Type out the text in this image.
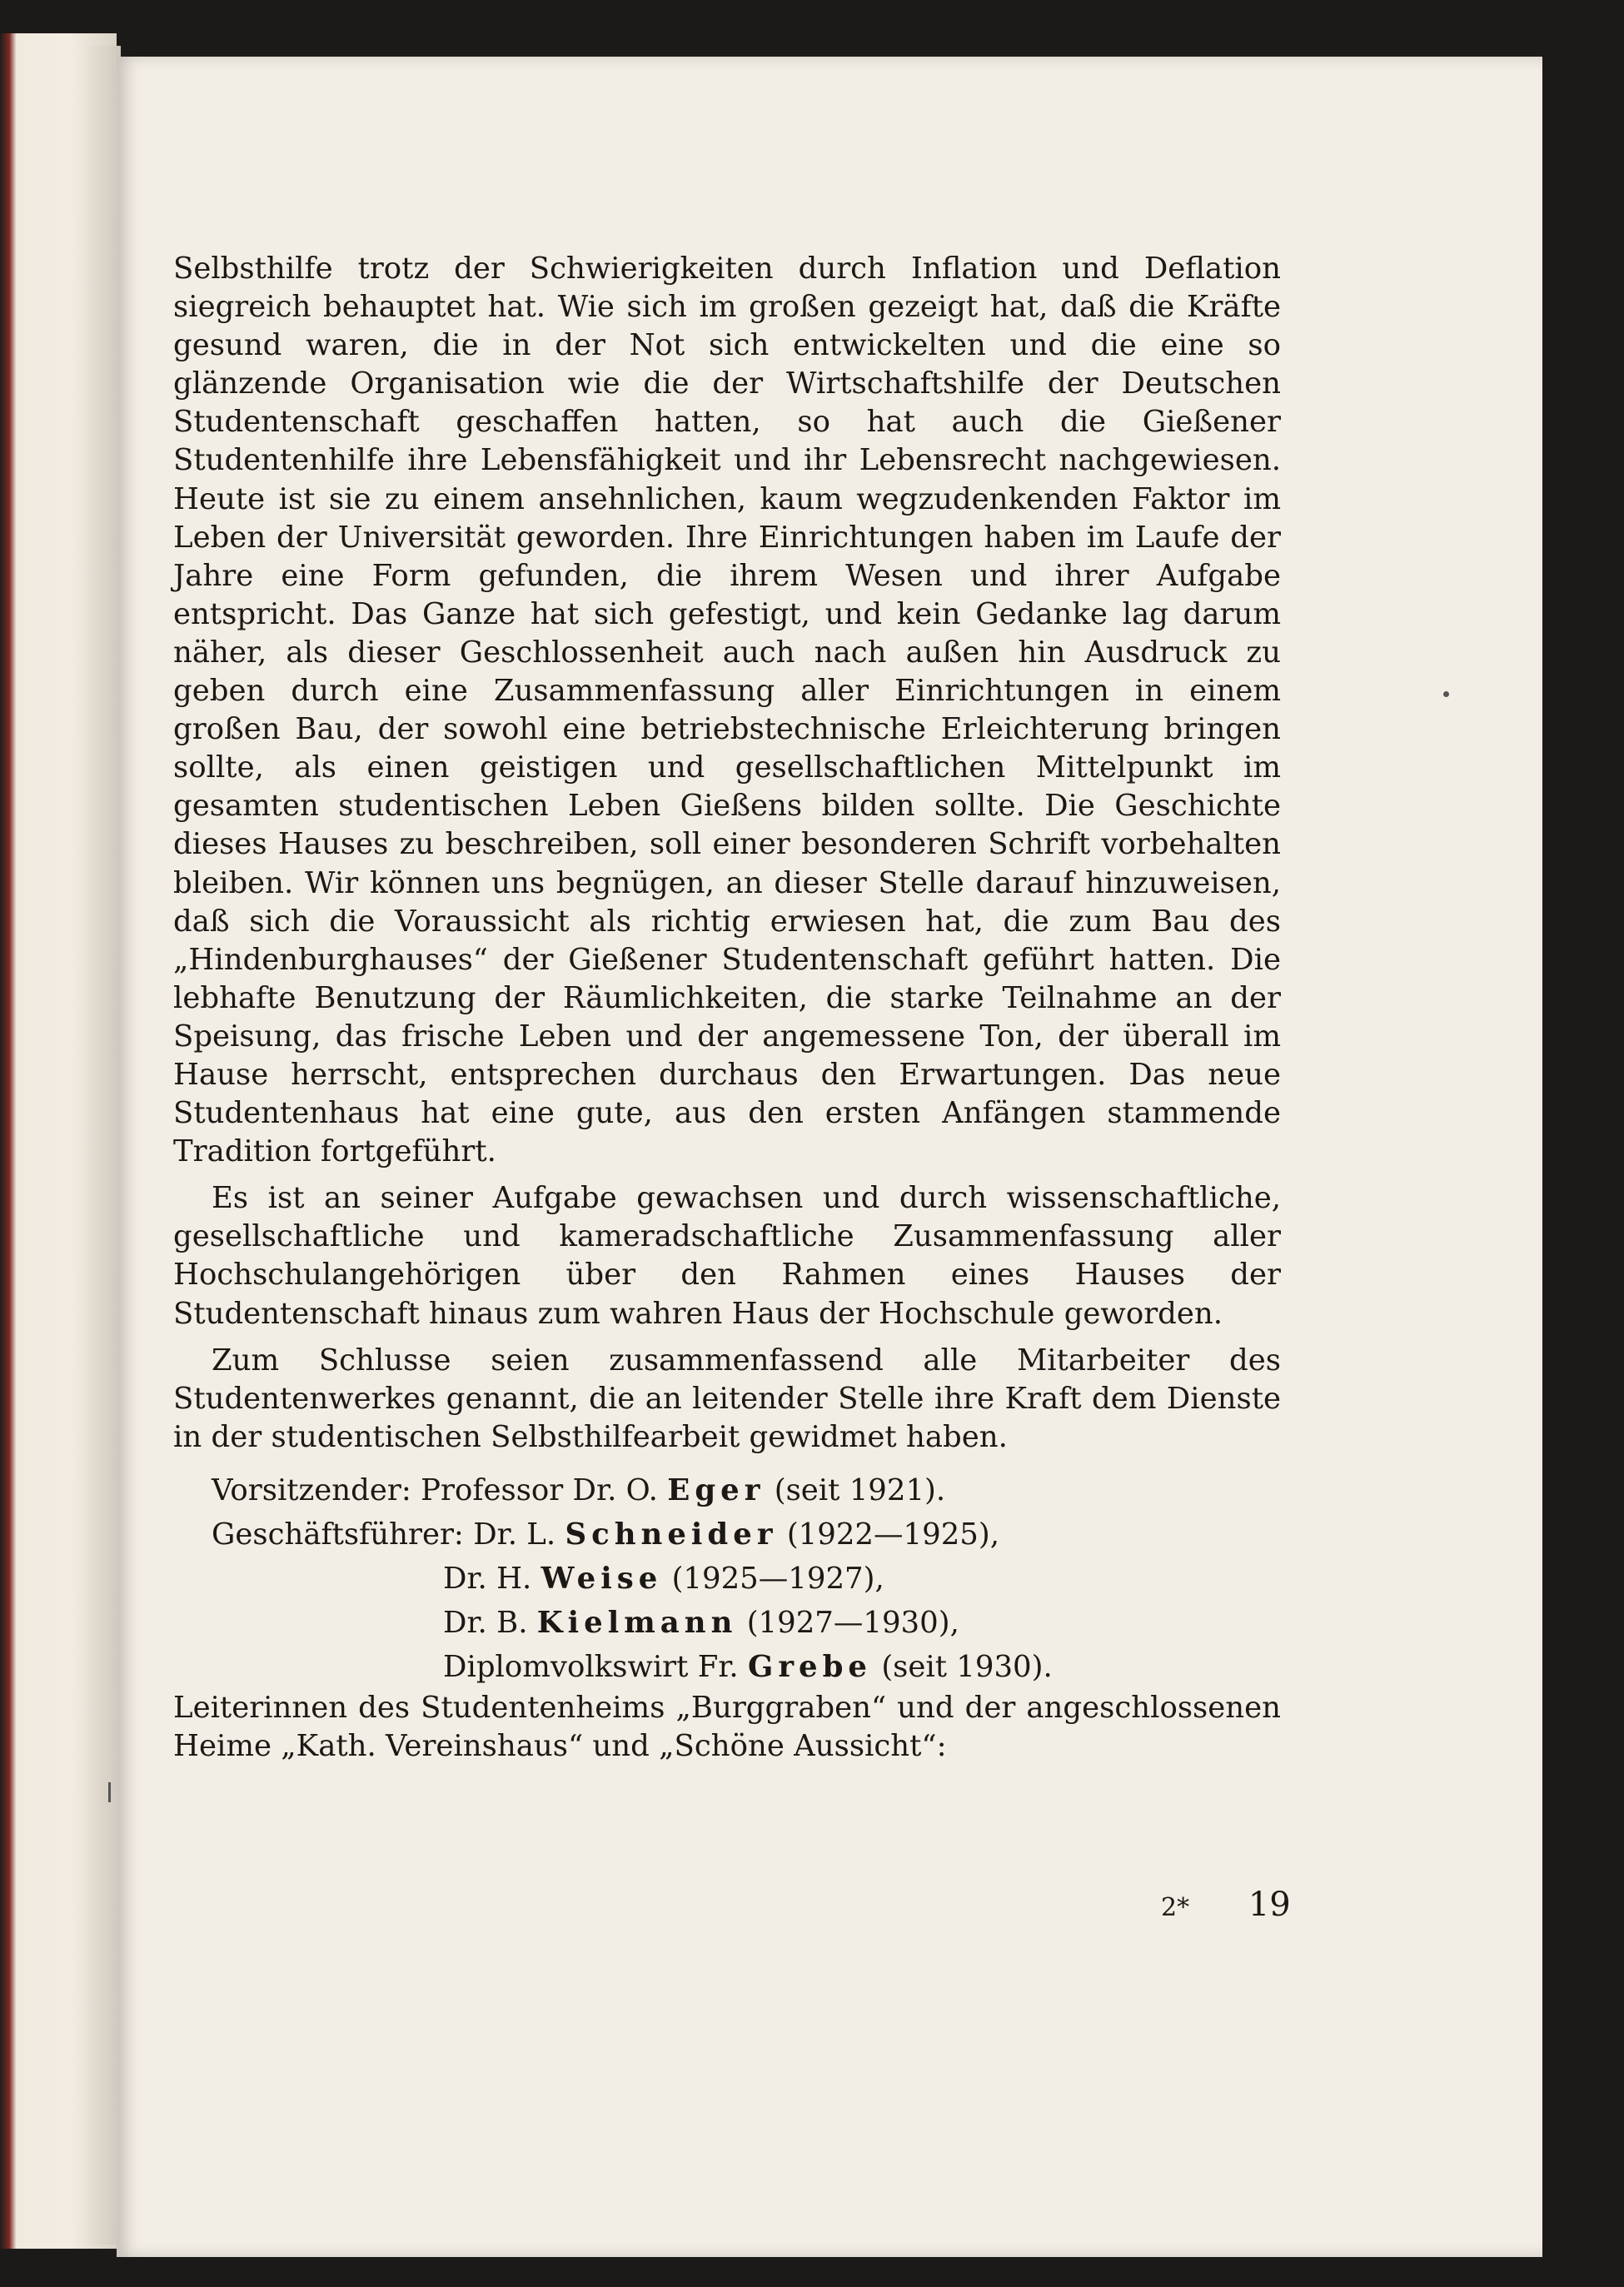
Selbsthilfe trotz der Schwierigkeiten durch Inflation und Deflation siegreich behauptet hat. Wie sich im großen gezeigt hat, daß die Kräfte gesund waren, die in der Not sich entwickelten und die eine so glänzende Organisation wie die der Wirtschaftshilfe der Deutschen Studentenschaft geschaffen hatten, so hat auch die Gießener Studentenhilfe ihre Lebensfähigkeit und ihr Lebensrecht nachgewiesen. Heute ist sie zu einem ansehnlichen, kaum wegzudenkenden Faktor im Leben der Universität geworden. Ihre Einrichtungen haben im Laufe der Jahre eine Form gefunden, die ihrem Wesen und ihrer Aufgabe entspricht. Das Ganze hat sich gefestigt, und kein Gedanke lag darum näher, als dieser Geschlossenheit auch nach außen hin Ausdruck zu geben durch eine Zusammenfassung aller Einrichtungen in einem großen Bau, der sowohl eine betriebstechnische Erleichterung bringen sollte, als einen geistigen und gesellschaftlichen Mittelpunkt im gesamten studentischen Leben Gießens bilden sollte. Die Geschichte dieses Hauses zu beschreiben, soll einer besonderen Schrift vorbehalten bleiben. Wir können uns begnügen, an dieser Stelle darauf hinzuweisen, daß sich die Voraussicht als richtig erwiesen hat, die zum Bau des „Hindenburghauses“ der Gießener Studentenschaft geführt hatten. Die lebhafte Benutzung der Räumlichkeiten, die starke Teilnahme an der Speisung, das frische Leben und der angemessene Ton, der überall im Hause herrscht, entsprechen durchaus den Erwartungen. Das neue Studentenhaus hat eine gute, aus den ersten Anfängen stammende Tradition fortgeführt.

Es ist an seiner Aufgabe gewachsen und durch wissenschaftliche, gesellschaftliche und kameradschaftliche Zusammenfassung aller Hochschulangehörigen über den Rahmen eines Hauses der Studentenschaft hinaus zum wahren Haus der Hochschule geworden.

Zum Schlusse seien zusammenfassend alle Mitarbeiter des Studentenwerkes genannt, die an leitender Stelle ihre Kraft dem Dienste in der studentischen Selbsthilfearbeit gewidmet haben.

Vorsitzender: Professor Dr. O. Eger (seit 1921).
Geschäftsführer: Dr. L. Schneider (1922—1925),
Dr. H. Weise (1925—1927),
Dr. B. Kielmann (1927—1930),
Diplomvolkswirt Fr. Grebe (seit 1930).

Leiterinnen des Studentenheims „Burggraben“ und der angeschlossenen Heime „Kath. Vereinshaus“ und „Schöne Aussicht“:

2* 19
